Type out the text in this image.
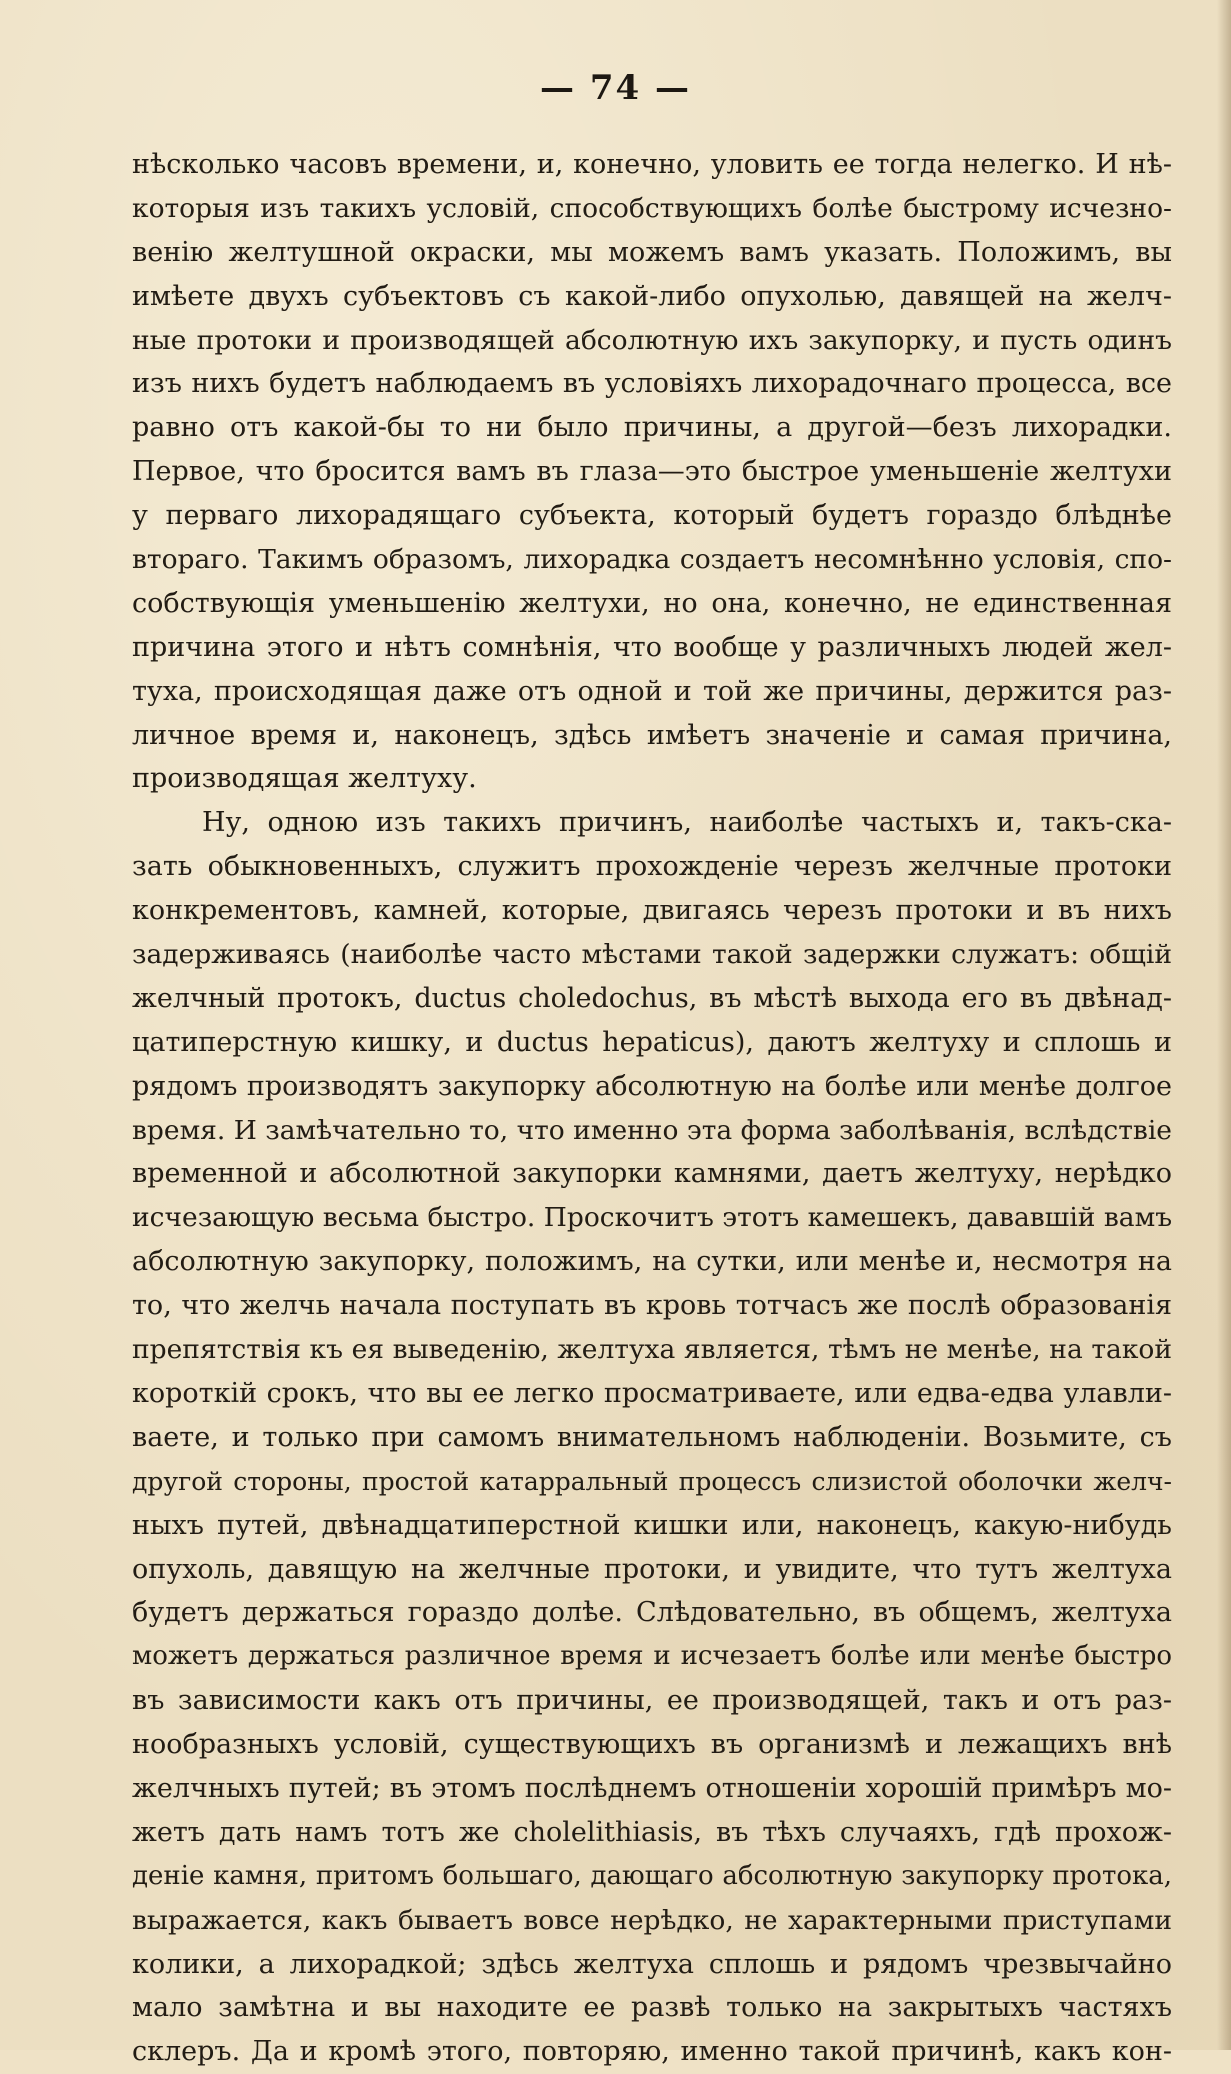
— 74 —
нѣсколько часовъ времени, и, конечно, уловить ее тогда нелегко. И нѣ-
которыя изъ такихъ условій, способствующихъ болѣе быстрому исчезно-
венію желтушной окраски, мы можемъ вамъ указать. Положимъ, вы
имѣете двухъ субъектовъ съ какой-либо опухолью, давящей на желч-
ные протоки и производящей абсолютную ихъ закупорку, и пусть одинъ
изъ нихъ будетъ наблюдаемъ въ условіяхъ лихорадочнаго процесса, все
равно отъ какой-бы то ни было причины, а другой—безъ лихорадки.
Первое, что бросится вамъ въ глаза—это быстрое уменьшеніе желтухи
у перваго лихорадящаго субъекта, который будетъ гораздо блѣднѣе
втораго. Такимъ образомъ, лихорадка создаетъ несомнѣнно условія, спо-
собствующія уменьшенію желтухи, но она, конечно, не единственная
причина этого и нѣтъ сомнѣнія, что вообще у различныхъ людей жел-
туха, происходящая даже отъ одной и той же причины, держится раз-
личное время и, наконецъ, здѣсь имѣетъ значеніе и самая причина,
производящая желтуху.
Ну, одною изъ такихъ причинъ, наиболѣе частыхъ и, такъ-ска-
зать обыкновенныхъ, служитъ прохожденіе черезъ желчные протоки
конкрементовъ, камней, которые, двигаясь черезъ протоки и въ нихъ
задерживаясь (наиболѣе часто мѣстами такой задержки служатъ: общій
желчный протокъ, ductus choledochus, въ мѣстѣ выхода его въ двѣнад-
цатиперстную кишку, и ductus hepaticus), даютъ желтуху и сплошь и
рядомъ производятъ закупорку абсолютную на болѣе или менѣе долгое
время. И замѣчательно то, что именно эта форма заболѣванія, вслѣдствіе
временной и абсолютной закупорки камнями, даетъ желтуху, нерѣдко
исчезающую весьма быстро. Проскочитъ этотъ камешекъ, дававшій вамъ
абсолютную закупорку, положимъ, на сутки, или менѣе и, несмотря на
то, что желчь начала поступать въ кровь тотчасъ же послѣ образованія
препятствія къ ея выведенію, желтуха является, тѣмъ не менѣе, на такой
короткій срокъ, что вы ее легко просматриваете, или едва-едва улавли-
ваете, и только при самомъ внимательномъ наблюденіи. Возьмите, съ
другой стороны, простой катарральный процессъ слизистой оболочки желч-
ныхъ путей, двѣнадцатиперстной кишки или, наконецъ, какую-нибудь
опухоль, давящую на желчные протоки, и увидите, что тутъ желтуха
будетъ держаться гораздо долѣе. Слѣдовательно, въ общемъ, желтуха
можетъ держаться различное время и исчезаетъ болѣе или менѣе быстро
въ зависимости какъ отъ причины, ее производящей, такъ и отъ раз-
нообразныхъ условій, существующихъ въ организмѣ и лежащихъ внѣ
желчныхъ путей; въ этомъ послѣднемъ отношеніи хорошій примѣръ мо-
жетъ дать намъ тотъ же cholelithiasis, въ тѣхъ случаяхъ, гдѣ прохож-
деніе камня, притомъ большаго, дающаго абсолютную закупорку протока,
выражается, какъ бываетъ вовсе нерѣдко, не характерными приступами
колики, а лихорадкой; здѣсь желтуха сплошь и рядомъ чрезвычайно
мало замѣтна и вы находите ее развѣ только на закрытыхъ частяхъ
склеръ. Да и кромѣ этого, повторяю, именно такой причинѣ, какъ кон-
